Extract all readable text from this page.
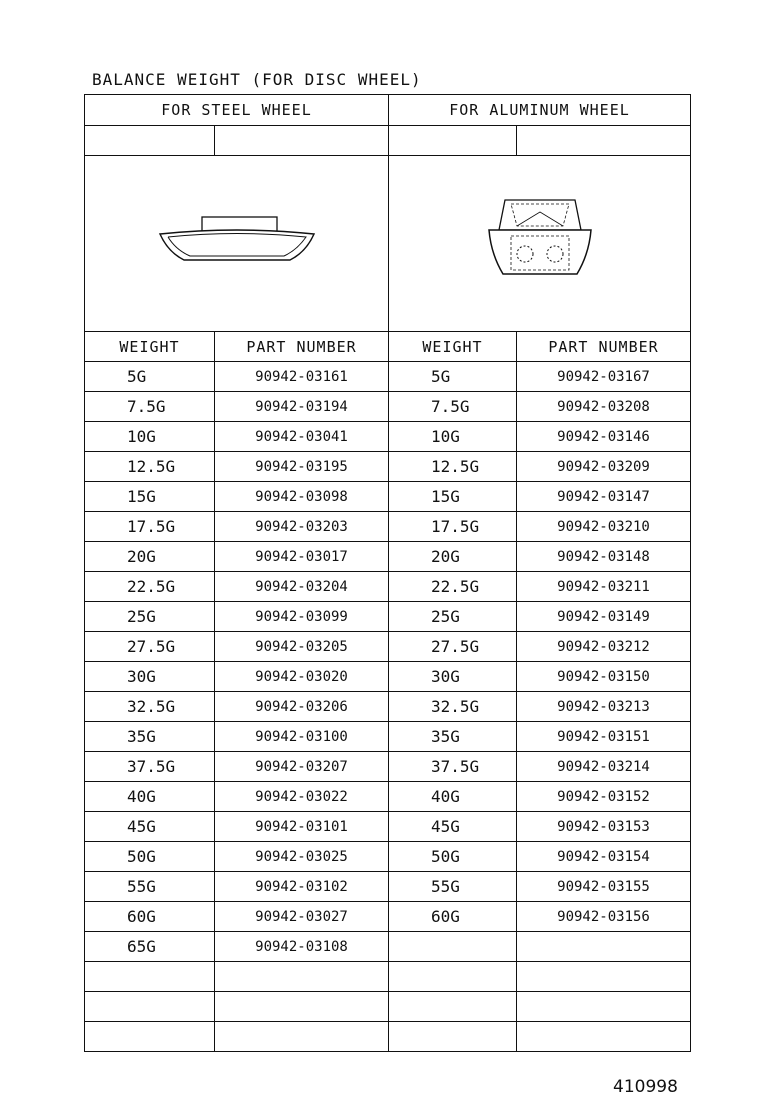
BALANCE WEIGHT (FOR DISC WHEEL)
FOR STEEL WHEEL		FOR ALUMINUM WHEEL	

WEIGHT	PART NUMBER	WEIGHT	PART NUMBER
5G	90942-03161	5G	90942-03167
7.5G	90942-03194	7.5G	90942-03208
10G	90942-03041	10G	90942-03146
12.5G	90942-03195	12.5G	90942-03209
15G	90942-03098	15G	90942-03147
17.5G	90942-03203	17.5G	90942-03210
20G	90942-03017	20G	90942-03148
22.5G	90942-03204	22.5G	90942-03211
25G	90942-03099	25G	90942-03149
27.5G	90942-03205	27.5G	90942-03212
30G	90942-03020	30G	90942-03150
32.5G	90942-03206	32.5G	90942-03213
35G	90942-03100	35G	90942-03151
37.5G	90942-03207	37.5G	90942-03214
40G	90942-03022	40G	90942-03152
45G	90942-03101	45G	90942-03153
50G	90942-03025	50G	90942-03154
55G	90942-03102	55G	90942-03155
60G	90942-03027	60G	90942-03156
65G	90942-03108		

410998
